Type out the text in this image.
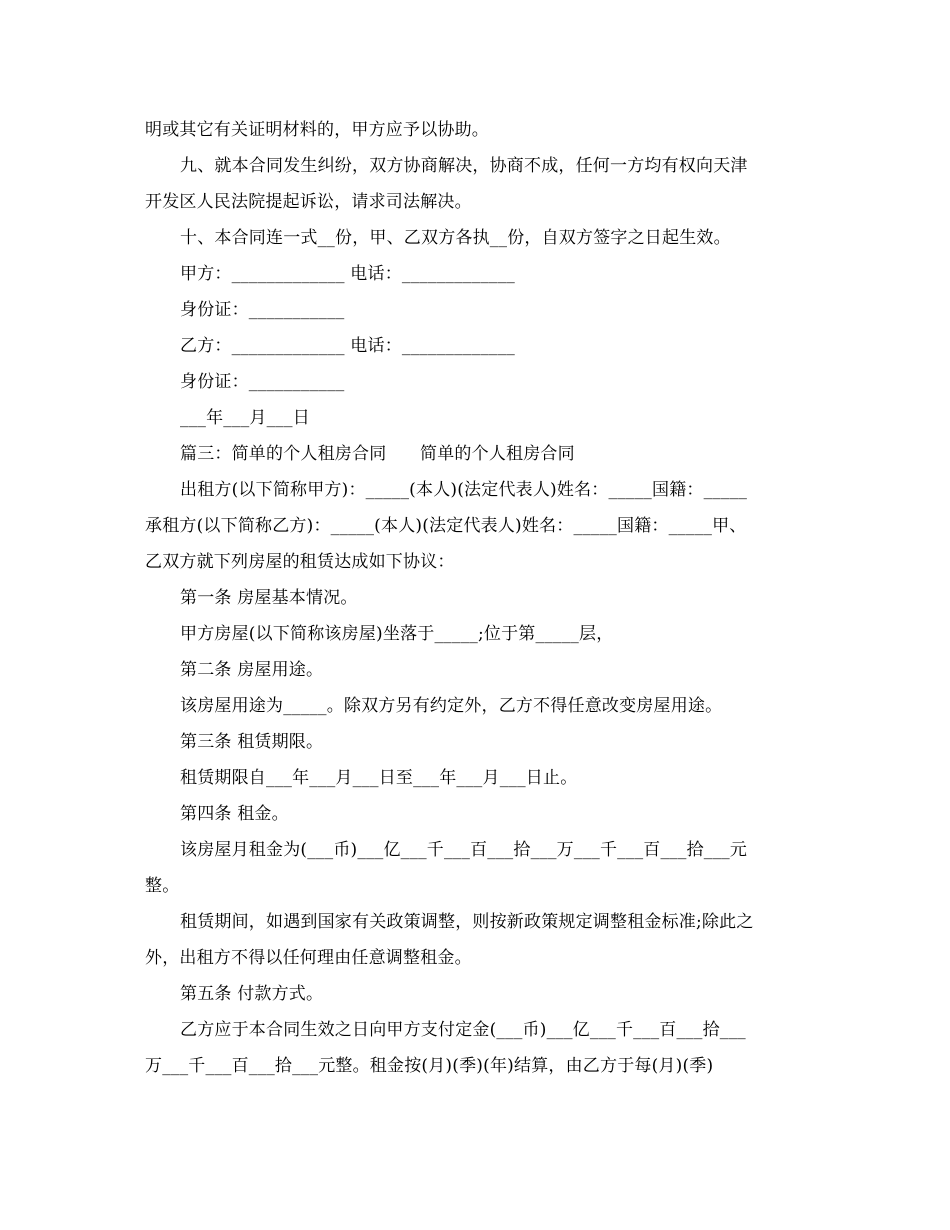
明或其它有关证明材料的，甲方应予以协助。
九、就本合同发生纠纷，双方协商解决，协商不成，任何一方均有权向天津
开发区人民法院提起诉讼，请求司法解决。
十、本合同连一式__份，甲、乙双方各执__份，自双方签字之日起生效。
甲方：_____________ 电话：_____________
身份证：___________
乙方：_____________ 电话：_____________
身份证：___________
___年___月___日
篇三：简单的个人租房合同      简单的个人租房合同
出租方(以下简称甲方)：_____(本人)(法定代表人)姓名：_____国籍：_____
承租方(以下简称乙方)：_____(本人)(法定代表人)姓名：_____国籍：_____甲、
乙双方就下列房屋的租赁达成如下协议：
第一条 房屋基本情况。
甲方房屋(以下简称该房屋)坐落于_____;位于第_____层，
第二条 房屋用途。
该房屋用途为_____。除双方另有约定外，乙方不得任意改变房屋用途。
第三条 租赁期限。
租赁期限自___年___月___日至___年___月___日止。
第四条 租金。
该房屋月租金为(___币)___亿___千___百___拾___万___千___百___拾___元
整。
租赁期间，如遇到国家有关政策调整，则按新政策规定调整租金标准;除此之
外，出租方不得以任何理由任意调整租金。
第五条 付款方式。
乙方应于本合同生效之日向甲方支付定金(___币)___亿___千___百___拾___
万___千___百___拾___元整。租金按(月)(季)(年)结算，由乙方于每(月)(季)
